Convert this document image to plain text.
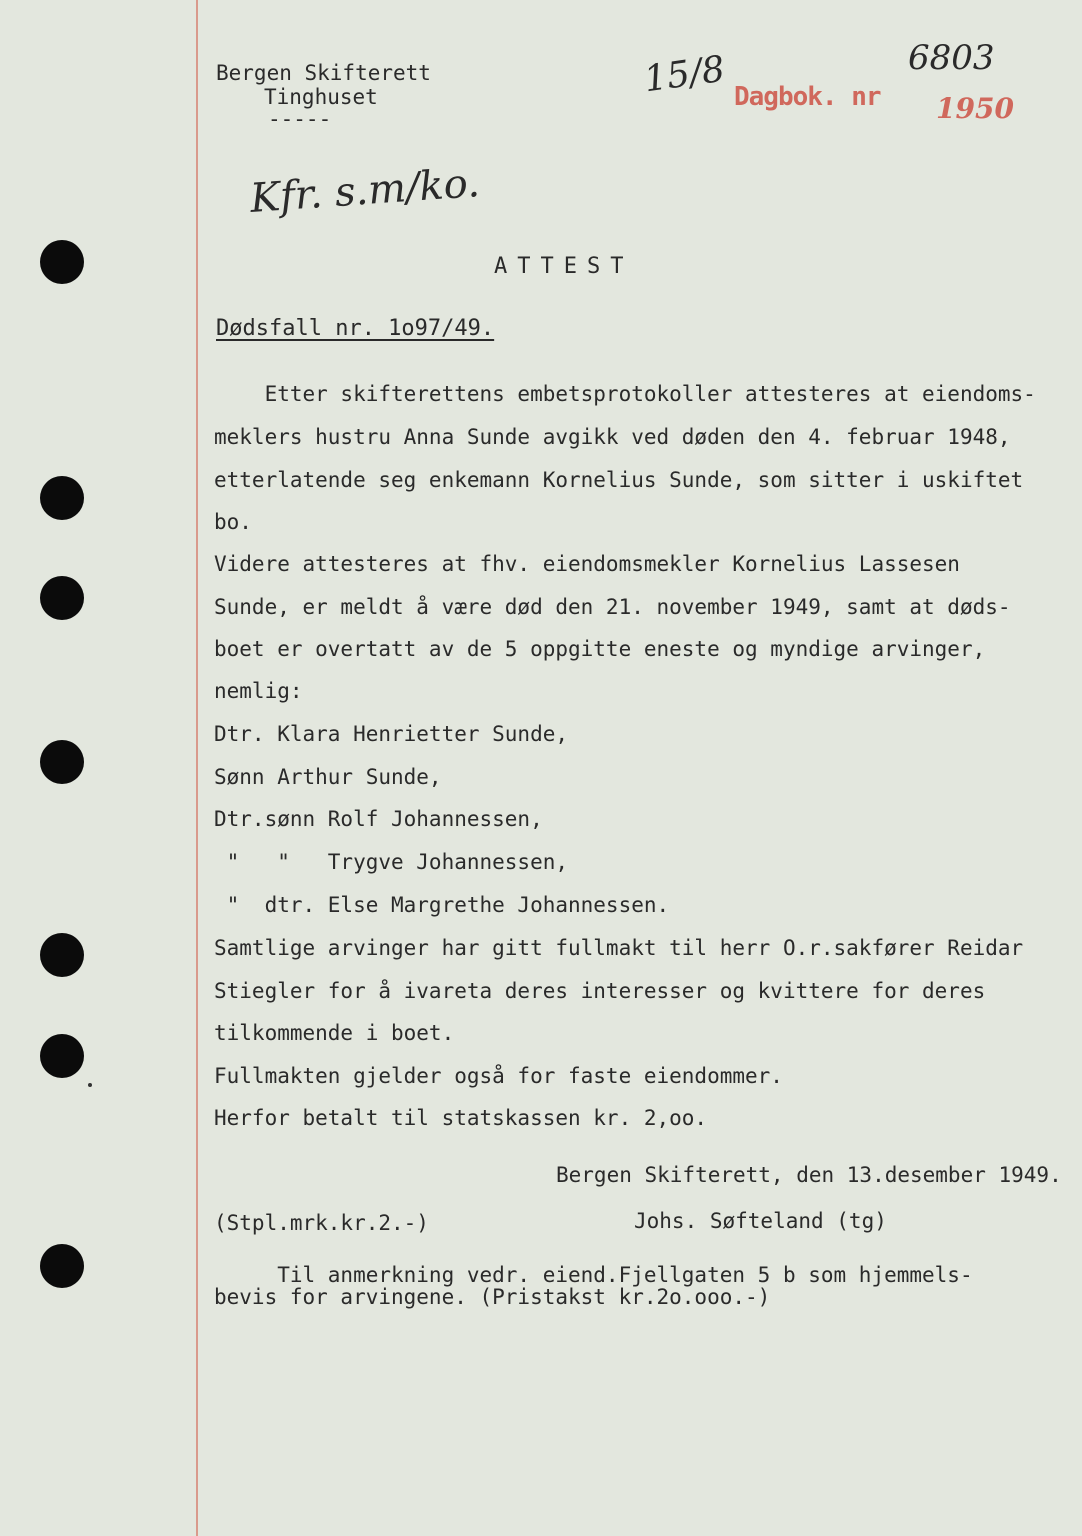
Bergen Skifterett
Tinghuset
-----
15/8 Dagbok. nr
6803
1950
Kfr. s.m/ko.
ATTEST
Dødsfall nr. 1o97/49.
Etter skifterettens embetsprotokoller attesteres at eiendoms-
meklers hustru Anna Sunde avgikk ved døden den 4. februar 1948,
etterlatende seg enkemann Kornelius Sunde, som sitter i uskiftet
bo.
Videre attesteres at fhv. eiendomsmekler Kornelius Lassesen
Sunde, er meldt å være død den 21. november 1949, samt at døds-
boet er overtatt av de 5 oppgitte eneste og myndige arvinger,
nemlig:
Dtr. Klara Henrietter Sunde,
Sønn Arthur Sunde,
Dtr.sønn Rolf Johannessen,
"   "   Trygve Johannessen,
"  dtr. Else Margrethe Johannessen.
Samtlige arvinger har gitt fullmakt til herr O.r.sakfører Reidar
Stiegler for å ivareta deres interesser og kvittere for deres
tilkommende i boet.
Fullmakten gjelder også for faste eiendommer.
Herfor betalt til statskassen kr. 2,oo.
Bergen Skifterett, den 13.desember 1949.
(Stpl.mrk.kr.2.-)	Johs. Søfteland (tg)
Til anmerkning vedr. eiend.Fjellgaten 5 b som hjemmels-
bevis for arvingene. (Pristakst kr.2o.ooo.-)
